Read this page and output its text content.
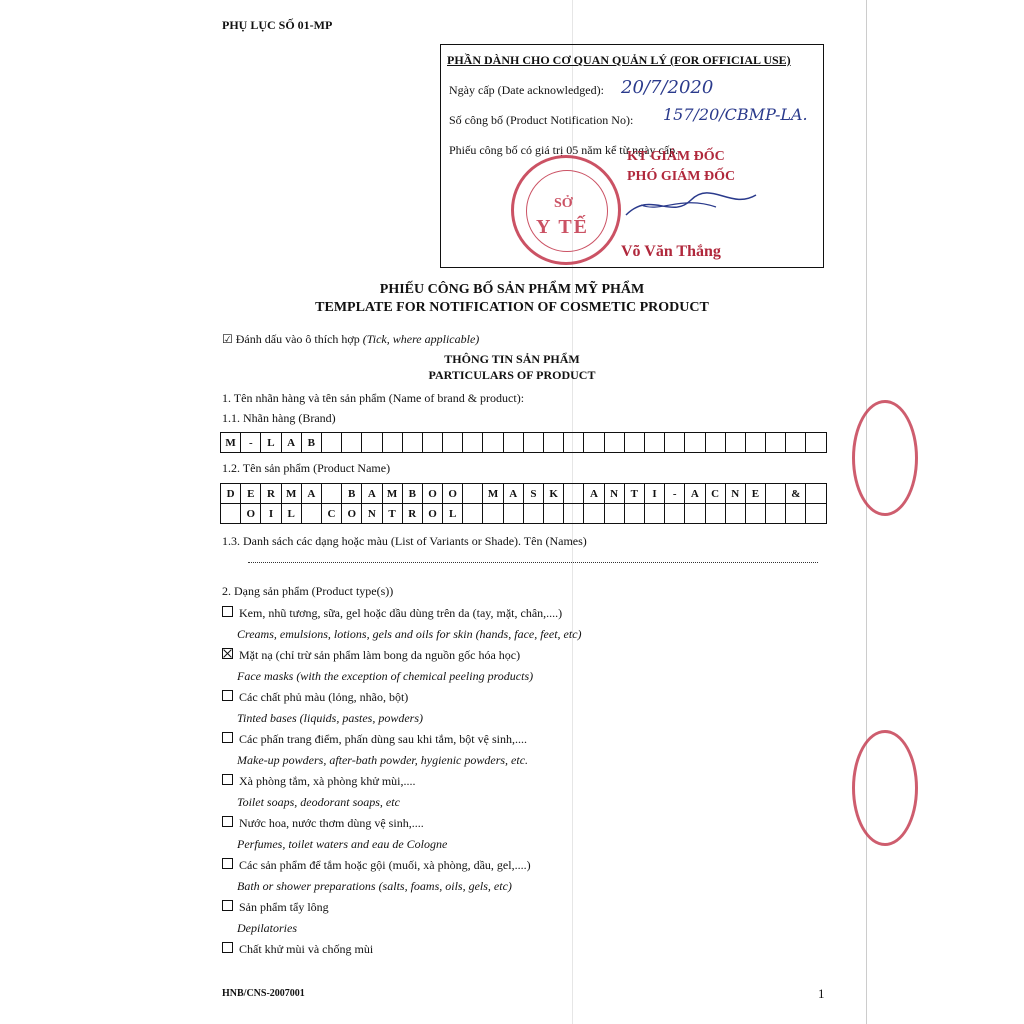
PHỤ LỤC SỐ 01-MP
PHẦN DÀNH CHO CƠ QUAN QUẢN LÝ (FOR OFFICIAL USE)
Ngày cấp (Date acknowledged): 20/7/2020
Số công bố (Product Notification No): 157/20/CBMP-LA.
Phiếu công bố có giá trị 05 năm kể từ ngày cấp.
SỞ
Y TẾ
KT GIÁM ĐỐC
PHÓ GIÁM ĐỐC
Võ Văn Thắng
PHIẾU CÔNG BỐ SẢN PHẨM MỸ PHẨM
TEMPLATE FOR NOTIFICATION OF COSMETIC PRODUCT
☑ Đánh dấu vào ô thích hợp (Tick, where applicable)
THÔNG TIN SẢN PHẨM
PARTICULARS OF PRODUCT
1. Tên nhãn hàng và tên sản phẩm (Name of brand & product):
1.1. Nhãn hàng (Brand)
M	-	L	A	B
1.2. Tên sản phẩm (Product Name)
D	E	R	M	A	B	A	M	B	O	O	M	A	S	K	A	N	T	I	-	A	C	N	E	&
O	I	L	C	O	N	T	R	O	L
1.3. Danh sách các dạng hoặc màu (List of Variants or Shade). Tên (Names)
2. Dạng sản phẩm (Product type(s))
Kem, nhũ tương, sữa, gel hoặc dầu dùng trên da (tay, mặt, chân,....)
Creams, emulsions, lotions, gels and oils for skin (hands, face, feet, etc)
Mặt nạ (chỉ trừ sản phẩm làm bong da nguồn gốc hóa học)
Face masks (with the exception of chemical peeling products)
Các chất phủ màu (lỏng, nhão, bột)
Tinted bases (liquids, pastes, powders)
Các phấn trang điểm, phấn dùng sau khi tắm, bột vệ sinh,....
Make-up powders, after-bath powder, hygienic powders, etc.
Xà phòng tắm, xà phòng khử mùi,....
Toilet soaps, deodorant soaps, etc
Nước hoa, nước thơm dùng vệ sinh,....
Perfumes, toilet waters and eau de Cologne
Các sản phẩm để tắm hoặc gội (muối, xà phòng, dầu, gel,....)
Bath or shower preparations (salts, foams, oils, gels, etc)
Sản phẩm tẩy lông
Depilatories
Chất khử mùi và chống mùi
HNB/CNS-2007001	1
